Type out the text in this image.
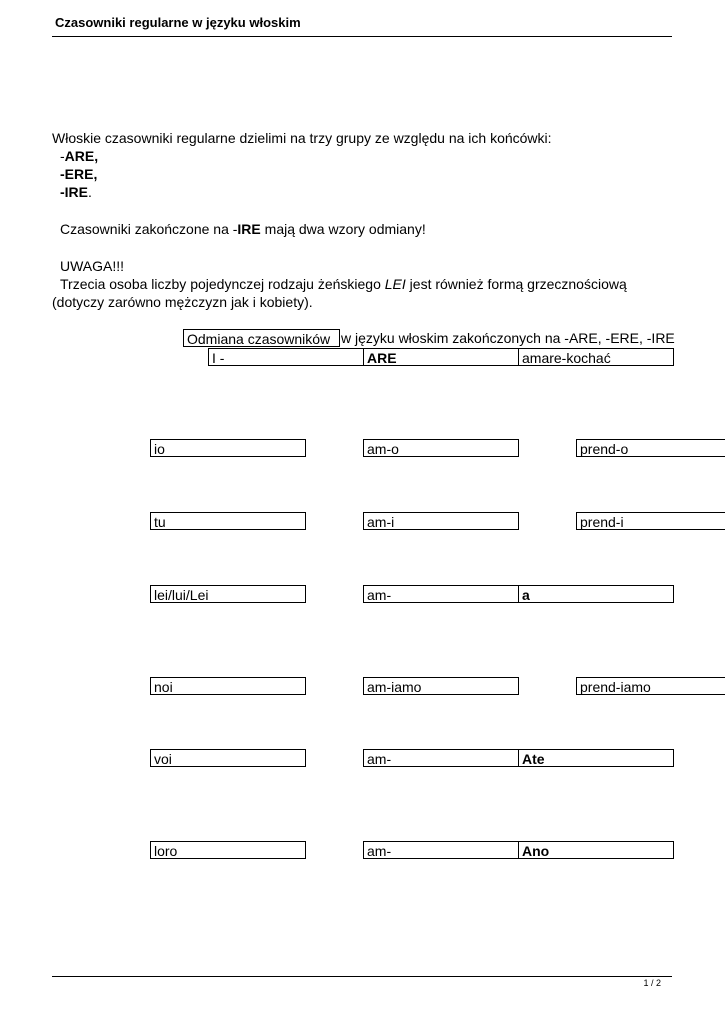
Czasowniki regularne w języku włoskim
Włoskie czasowniki regularne dzielimi na trzy grupy ze względu na ich końcówki:
-ARE,
-ERE,
-IRE.
Czasowniki zakończone na -IRE mają dwa wzory odmiany!
UWAGA!!!
Trzecia osoba liczby pojedynczej rodzaju żeńskiego LEI jest również formą grzecznościową
(dotyczy zarówno mężczyzn jak i kobiety).
Odmiana czasowników w języku włoskim zakończonych na -ARE, -ERE, -IRE
I -	ARE	amare-kochać
io	am-o	prend-o
tu	am-i	prend-i
lei/lui/Lei	am-	a
noi	am-iamo	prend-iamo
voi	am-	Ate
loro	am-	Ano
1 / 2
